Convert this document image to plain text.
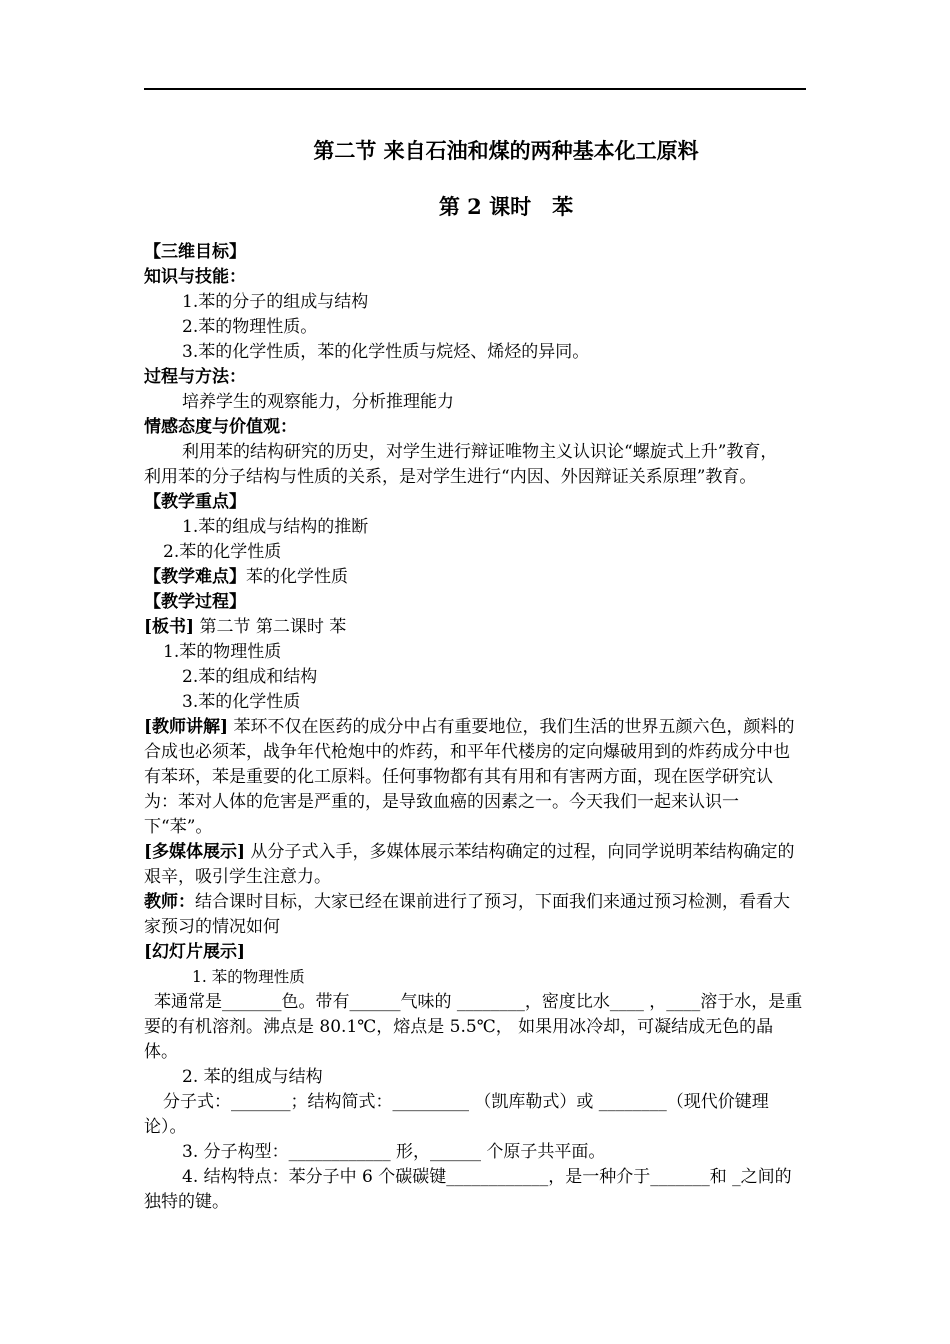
第二节 来自石油和煤的两种基本化工原料
第 2 课时　苯
【三维目标】
知识与技能：
1.苯的分子的组成与结构
2.苯的物理性质。
3.苯的化学性质，苯的化学性质与烷烃、烯烃的异同。
过程与方法：
培养学生的观察能力，分析推理能力
情感态度与价值观：
利用苯的结构研究的历史，对学生进行辩证唯物主义认识论“螺旋式上升”教育，利用苯的分子结构与性质的关系，是对学生进行“内因、外因辩证关系原理”教育。
【教学重点】
1.苯的组成与结构的推断
2.苯的化学性质
【教学难点】苯的化学性质
【教学过程】
[板书] 第二节 第二课时 苯
1.苯的物理性质
2.苯的组成和结构
3.苯的化学性质
[教师讲解] 苯环不仅在医药的成分中占有重要地位，我们生活的世界五颜六色，颜料的合成也必须苯，战争年代枪炮中的炸药，和平年代楼房的定向爆破用到的炸药成分中也有苯环，苯是重要的化工原料。任何事物都有其有用和有害两方面，现在医学研究认为：苯对人体的危害是严重的，是导致血癌的因素之一。今天我们一起来认识一下“苯”。
[多媒体展示] 从分子式入手，多媒体展示苯结构确定的过程，向同学说明苯结构确定的艰辛，吸引学生注意力。
教师：结合课时目标，大家已经在课前进行了预习，下面我们来通过预习检测，看看大家预习的情况如何
[幻灯片展示]
1. 苯的物理性质
苯通常是_______色。带有______气味的 ________，密度比水____ ，____溶于水，是重要的有机溶剂。沸点是 80.1℃，熔点是 5.5℃， 如果用冰冷却，可凝结成无色的晶体。
2. 苯的组成与结构
分子式：_______；结构简式：_________ （凯库勒式）或 ________（现代价键理论）。
3. 分子构型：____________ 形，______ 个原子共平面。
4. 结构特点：苯分子中 6 个碳碳键____________，是一种介于_______和 _之间的独特的键。
